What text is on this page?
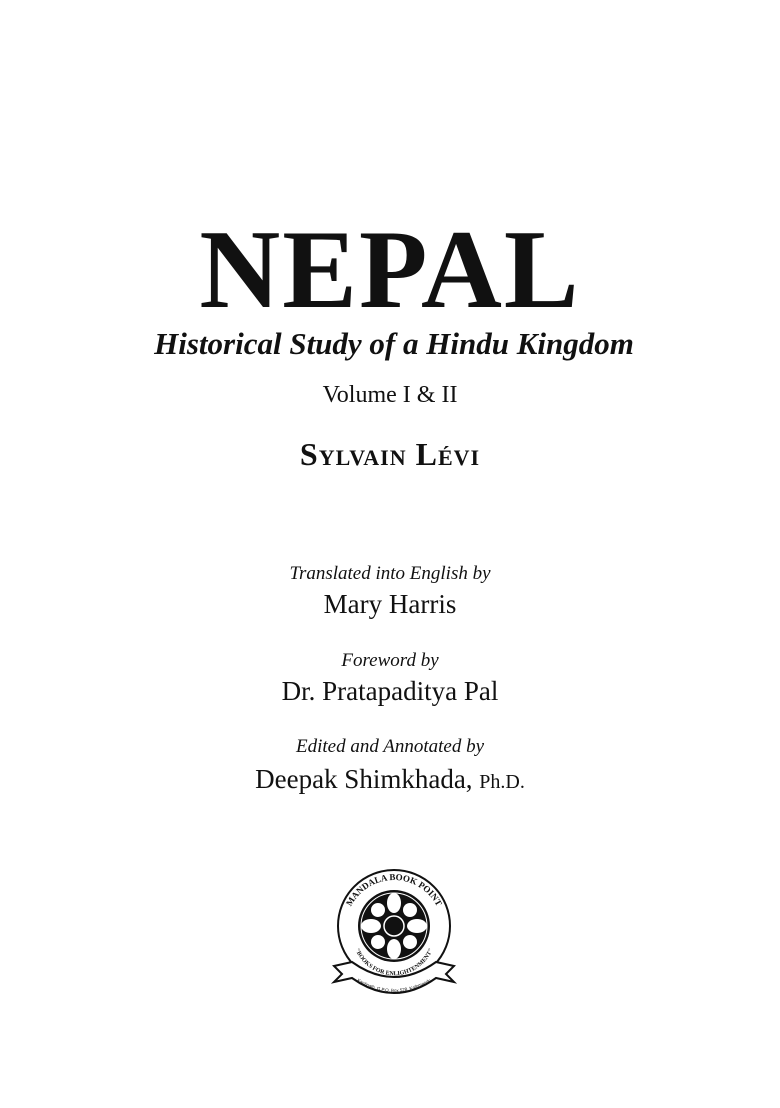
NEPAL
Historical Study of a Hindu Kingdom
Volume I & II
Sylvain Lévi
Translated into English by
Mary Harris
Foreword by
Dr. Pratapaditya Pal
Edited and Annotated by
Deepak Shimkhada, Ph.D.
MANDALA BOOK POINT
"BOOKS FOR ENLIGHTENMENT"
Kantipath, G.P.O. Box 528, Kathmandu
